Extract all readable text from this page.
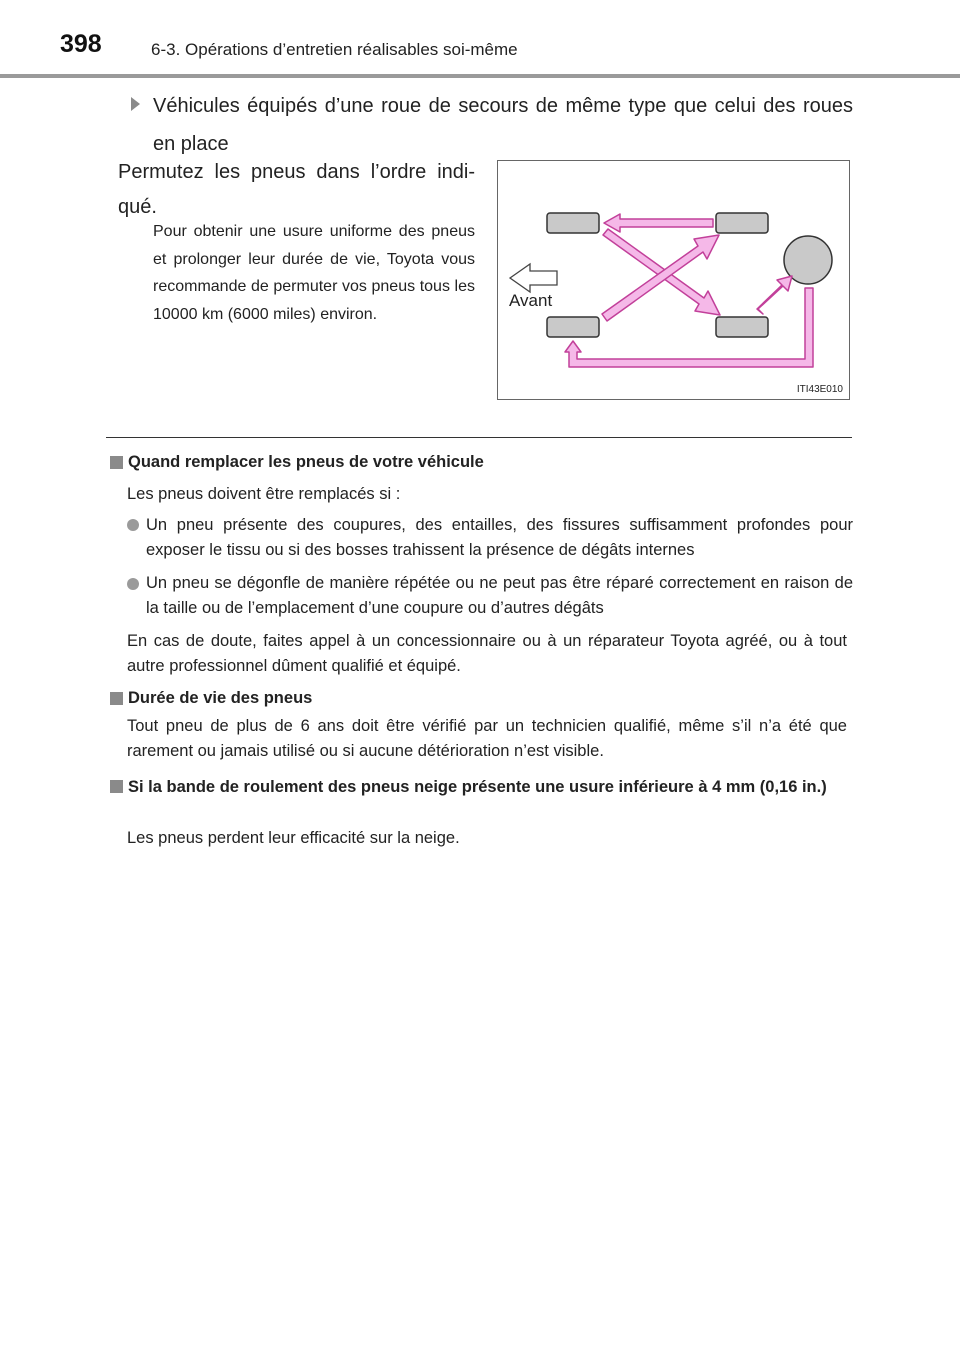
398	6-3. Opérations d’entretien réalisables soi-même
Véhicules équipés d’une roue de secours de même type que celui des roues en place
Permutez les pneus dans l’ordre indi-qué.
Pour obtenir une usure uniforme des pneus et prolonger leur durée de vie, Toyota vous recommande de permuter vos pneus tous les 10000 km (6000 miles) environ.
Avant
ITI43E010
Quand remplacer les pneus de votre véhicule
Les pneus doivent être remplacés si :
Un pneu présente des coupures, des entailles, des fissures suffisamment profondes pour exposer le tissu ou si des bosses trahissent la présence de dégâts internes
Un pneu se dégonfle de manière répétée ou ne peut pas être réparé correctement en raison de la taille ou de l’emplacement d’une coupure ou d’autres dégâts
En cas de doute, faites appel à un concessionnaire ou à un réparateur Toyota agréé, ou à tout autre professionnel dûment qualifié et équipé.
Durée de vie des pneus
Tout pneu de plus de 6 ans doit être vérifié par un technicien qualifié, même s’il n’a été que rarement ou jamais utilisé ou si aucune détérioration n’est visible.
Si la bande de roulement des pneus neige présente une usure inférieure à 4 mm (0,16 in.)
Les pneus perdent leur efficacité sur la neige.
